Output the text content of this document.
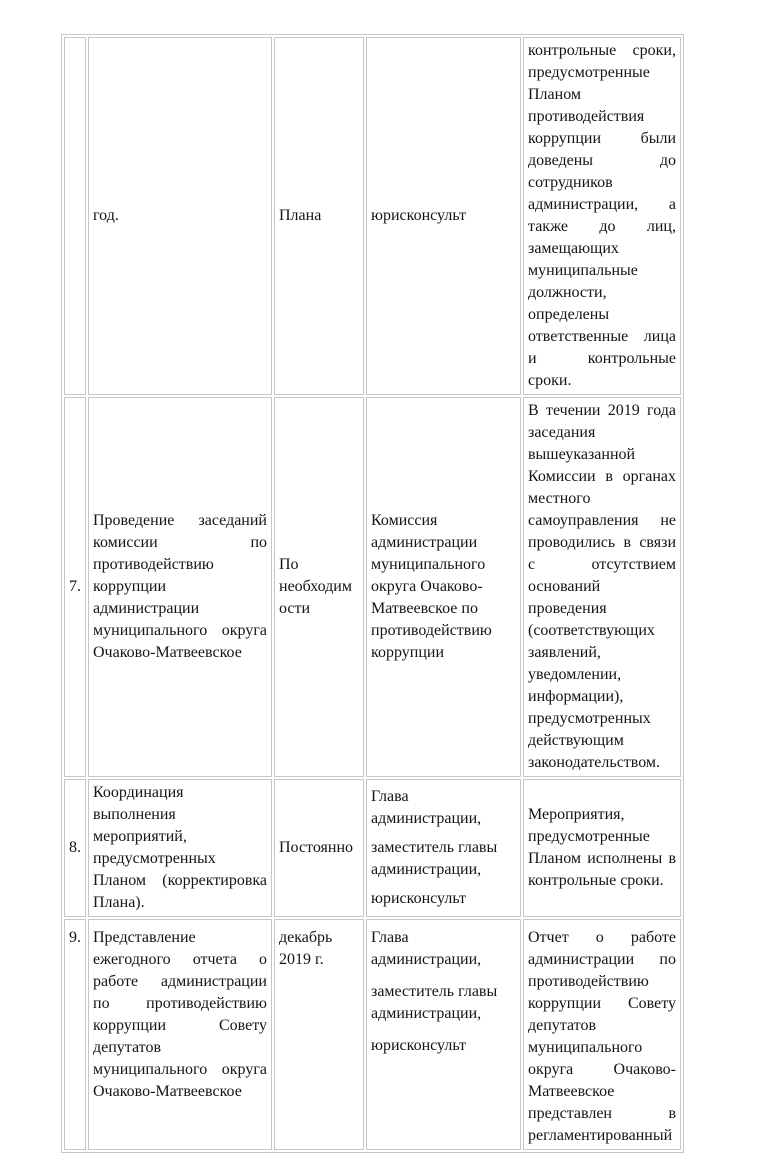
	год.	Плана	юрисконсульт	контрольные сроки, предусмотренные Планом противодействия коррупции были доведены до сотрудников администрации, а также до лиц, замещающих муниципальные должности, определены ответственные лица и контрольные сроки.
7.	Проведение заседаний комиссии по противодействию коррупции администрации муниципального округа Очаково-Матвеевское	По необходимости	Комиссия администрации муниципального округа Очаково-Матвеевское по противодействию коррупции	В течении 2019 года заседания вышеуказанной Комиссии в органах местного самоуправления не проводились в связи с отсутствием оснований проведения (соответствующих заявлений, уведомлении, информации), предусмотренных действующим законодательством.
8.	Координация выполнения мероприятий, предусмотренных Планом (корректировка Плана).	Постоянно	Глава администрации,

заместитель главы администрации,

юрисконсульт	Мероприятия, предусмотренные Планом исполнены в контрольные сроки.
9.	Представление ежегодного отчета о работе администрации по противодействию коррупции Совету депутатов муниципального округа Очаково-Матвеевское	декабрь 2019 г.	Глава администрации,

заместитель главы администрации,

юрисконсульт	Отчет о работе администрации по противодействию коррупции Совету депутатов муниципального округа Очаково-Матвеевское представлен в регламентированный
